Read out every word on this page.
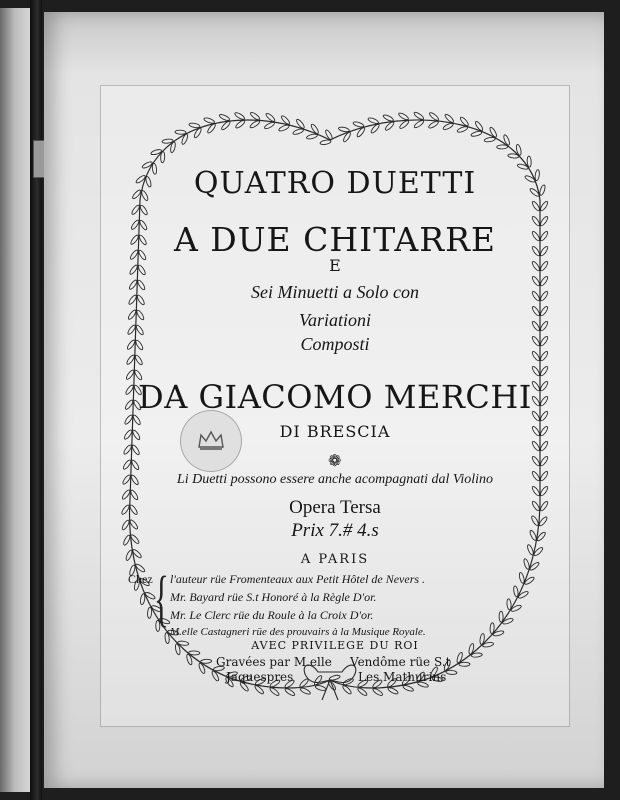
QUATRO DUETTI
A DUE CHITARRE
E
Sei Minuetti a Solo con
Variationi
Composti
DA GIACOMO MERCHI
DI BRESCIA
❁
Li Duetti possono essere anche acompagnati dal Violino
Opera Tersa
Prix 7.# 4.s
A PARIS
Chez { l'auteur rüe Fromenteaux aux Petit Hôtel de Nevers .
Mr. Bayard rüe S.t Honoré à la Règle D'or.
Mr. Le Clerc rüe du Roule à la Croix D'or.
M.elle Castagneri rüe des prouvairs à la Musique Royale.
AVEC PRIVILEGE DU ROI
Gravées par M.elle Vendôme rüe S.t
Jaquespres	Les Mathurins
